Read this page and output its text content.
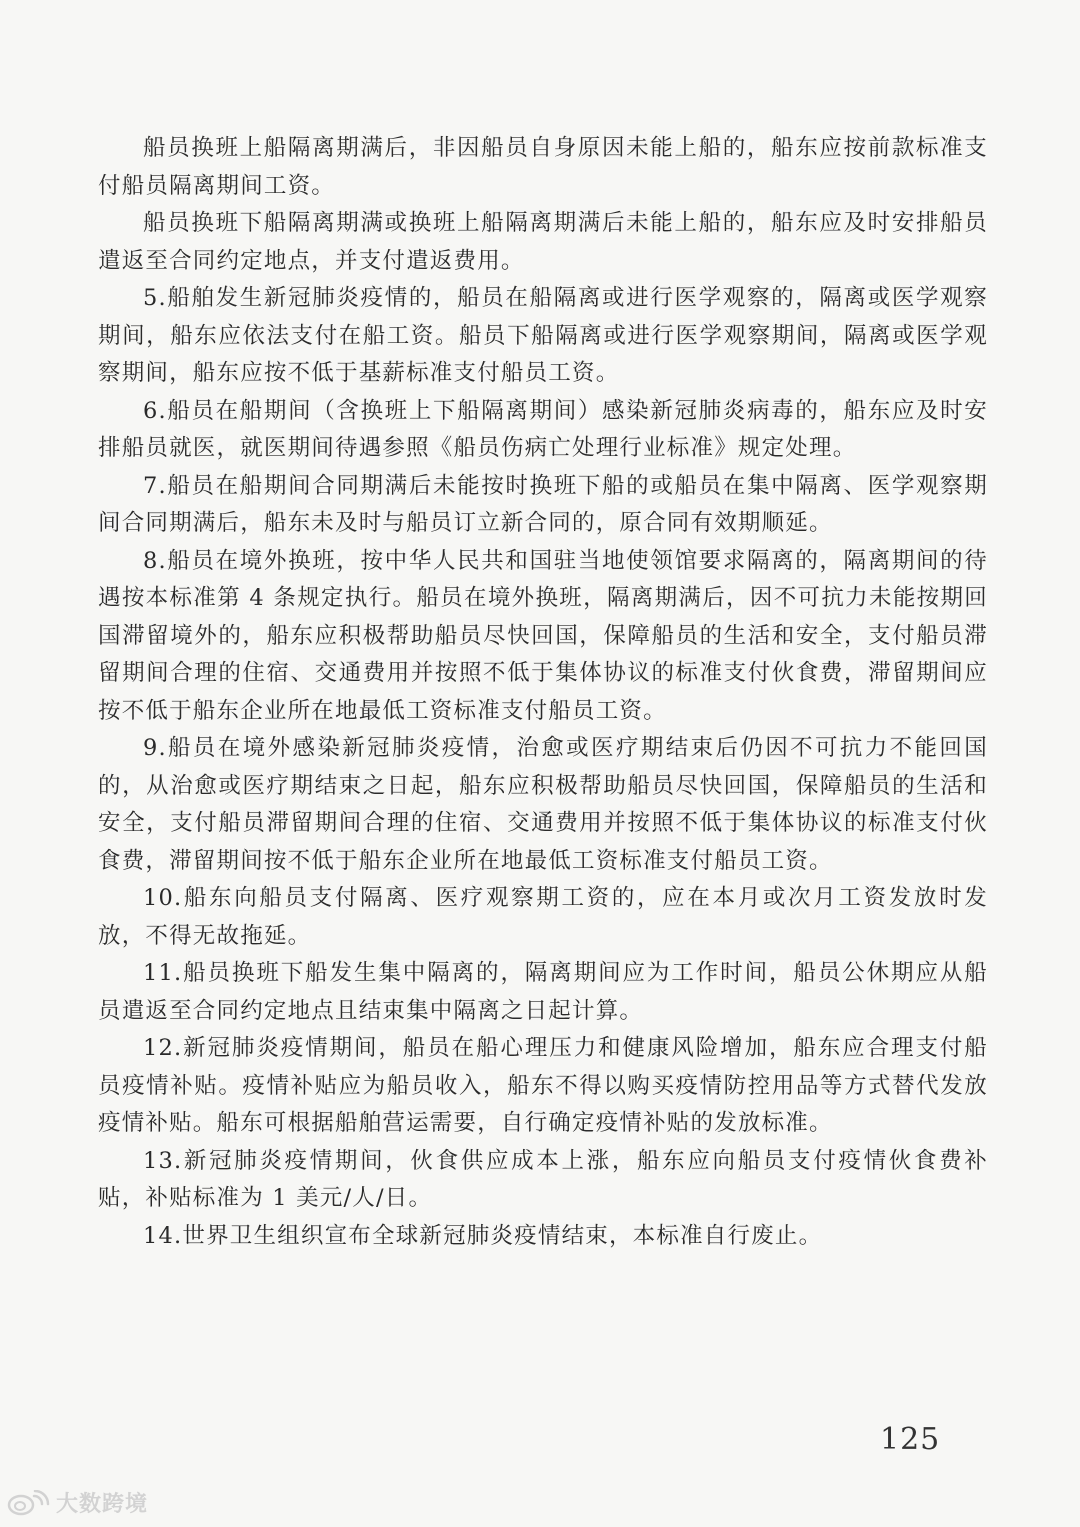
船员换班上船隔离期满后，非因船员自身原因未能上船的，船东应按前款标准支付船员隔离期间工资。

船员换班下船隔离期满或换班上船隔离期满后未能上船的，船东应及时安排船员遣返至合同约定地点，并支付遣返费用。

5.船舶发生新冠肺炎疫情的，船员在船隔离或进行医学观察的，隔离或医学观察期间，船东应依法支付在船工资。船员下船隔离或进行医学观察期间，隔离或医学观察期间，船东应按不低于基薪标准支付船员工资。

6.船员在船期间（含换班上下船隔离期间）感染新冠肺炎病毒的，船东应及时安排船员就医，就医期间待遇参照《船员伤病亡处理行业标准》规定处理。

7.船员在船期间合同期满后未能按时换班下船的或船员在集中隔离、医学观察期间合同期满后，船东未及时与船员订立新合同的，原合同有效期顺延。

8.船员在境外换班，按中华人民共和国驻当地使领馆要求隔离的，隔离期间的待遇按本标准第 4 条规定执行。船员在境外换班，隔离期满后，因不可抗力未能按期回国滞留境外的，船东应积极帮助船员尽快回国，保障船员的生活和安全，支付船员滞留期间合理的住宿、交通费用并按照不低于集体协议的标准支付伙食费，滞留期间应按不低于船东企业所在地最低工资标准支付船员工资。

9.船员在境外感染新冠肺炎疫情，治愈或医疗期结束后仍因不可抗力不能回国的，从治愈或医疗期结束之日起，船东应积极帮助船员尽快回国，保障船员的生活和安全，支付船员滞留期间合理的住宿、交通费用并按照不低于集体协议的标准支付伙食费，滞留期间按不低于船东企业所在地最低工资标准支付船员工资。

10.船东向船员支付隔离、医疗观察期工资的，应在本月或次月工资发放时发放，不得无故拖延。

11.船员换班下船发生集中隔离的，隔离期间应为工作时间，船员公休期应从船员遣返至合同约定地点且结束集中隔离之日起计算。

12.新冠肺炎疫情期间，船员在船心理压力和健康风险增加，船东应合理支付船员疫情补贴。疫情补贴应为船员收入，船东不得以购买疫情防控用品等方式替代发放疫情补贴。船东可根据船舶营运需要，自行确定疫情补贴的发放标准。

13.新冠肺炎疫情期间，伙食供应成本上涨，船东应向船员支付疫情伙食费补贴，补贴标准为 1 美元/人/日。

14.世界卫生组织宣布全球新冠肺炎疫情结束，本标准自行废止。

125
大数跨境
